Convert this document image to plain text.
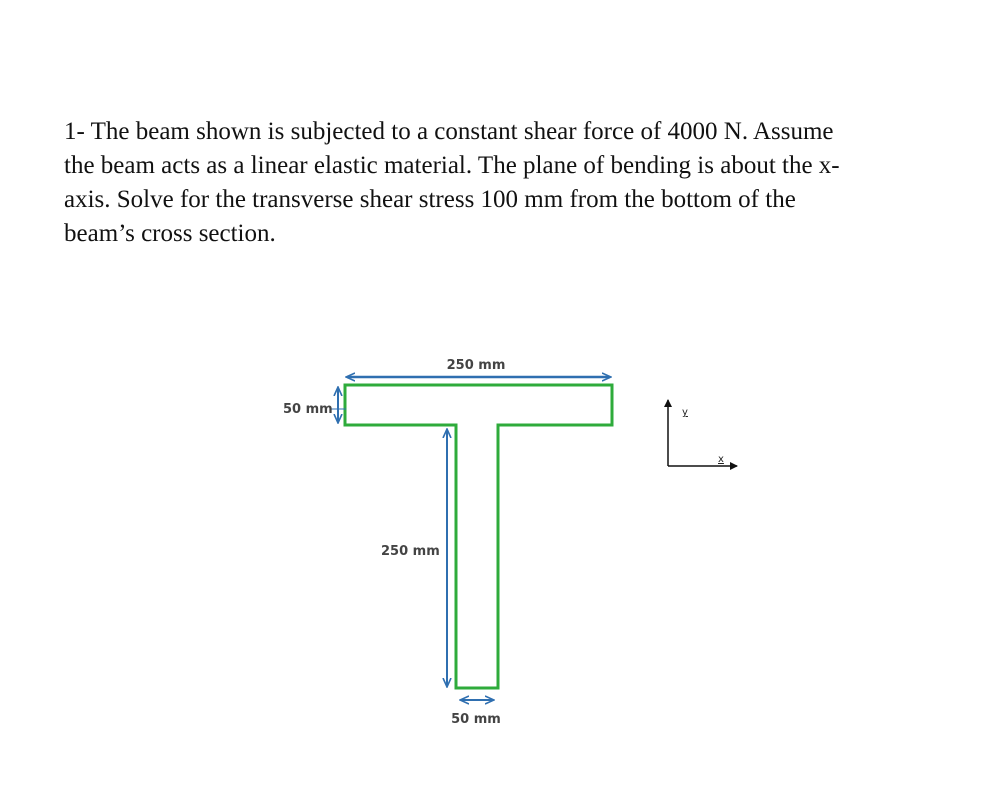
1- The beam shown is subjected to a constant shear force of 4000 N. Assume
the beam acts as a linear elastic material. The plane of bending is about the x-
axis. Solve for the transverse shear stress 100 mm from the bottom of the
beam’s cross section.
250 mm
50 mm
250 mm
50 mm
y
x
